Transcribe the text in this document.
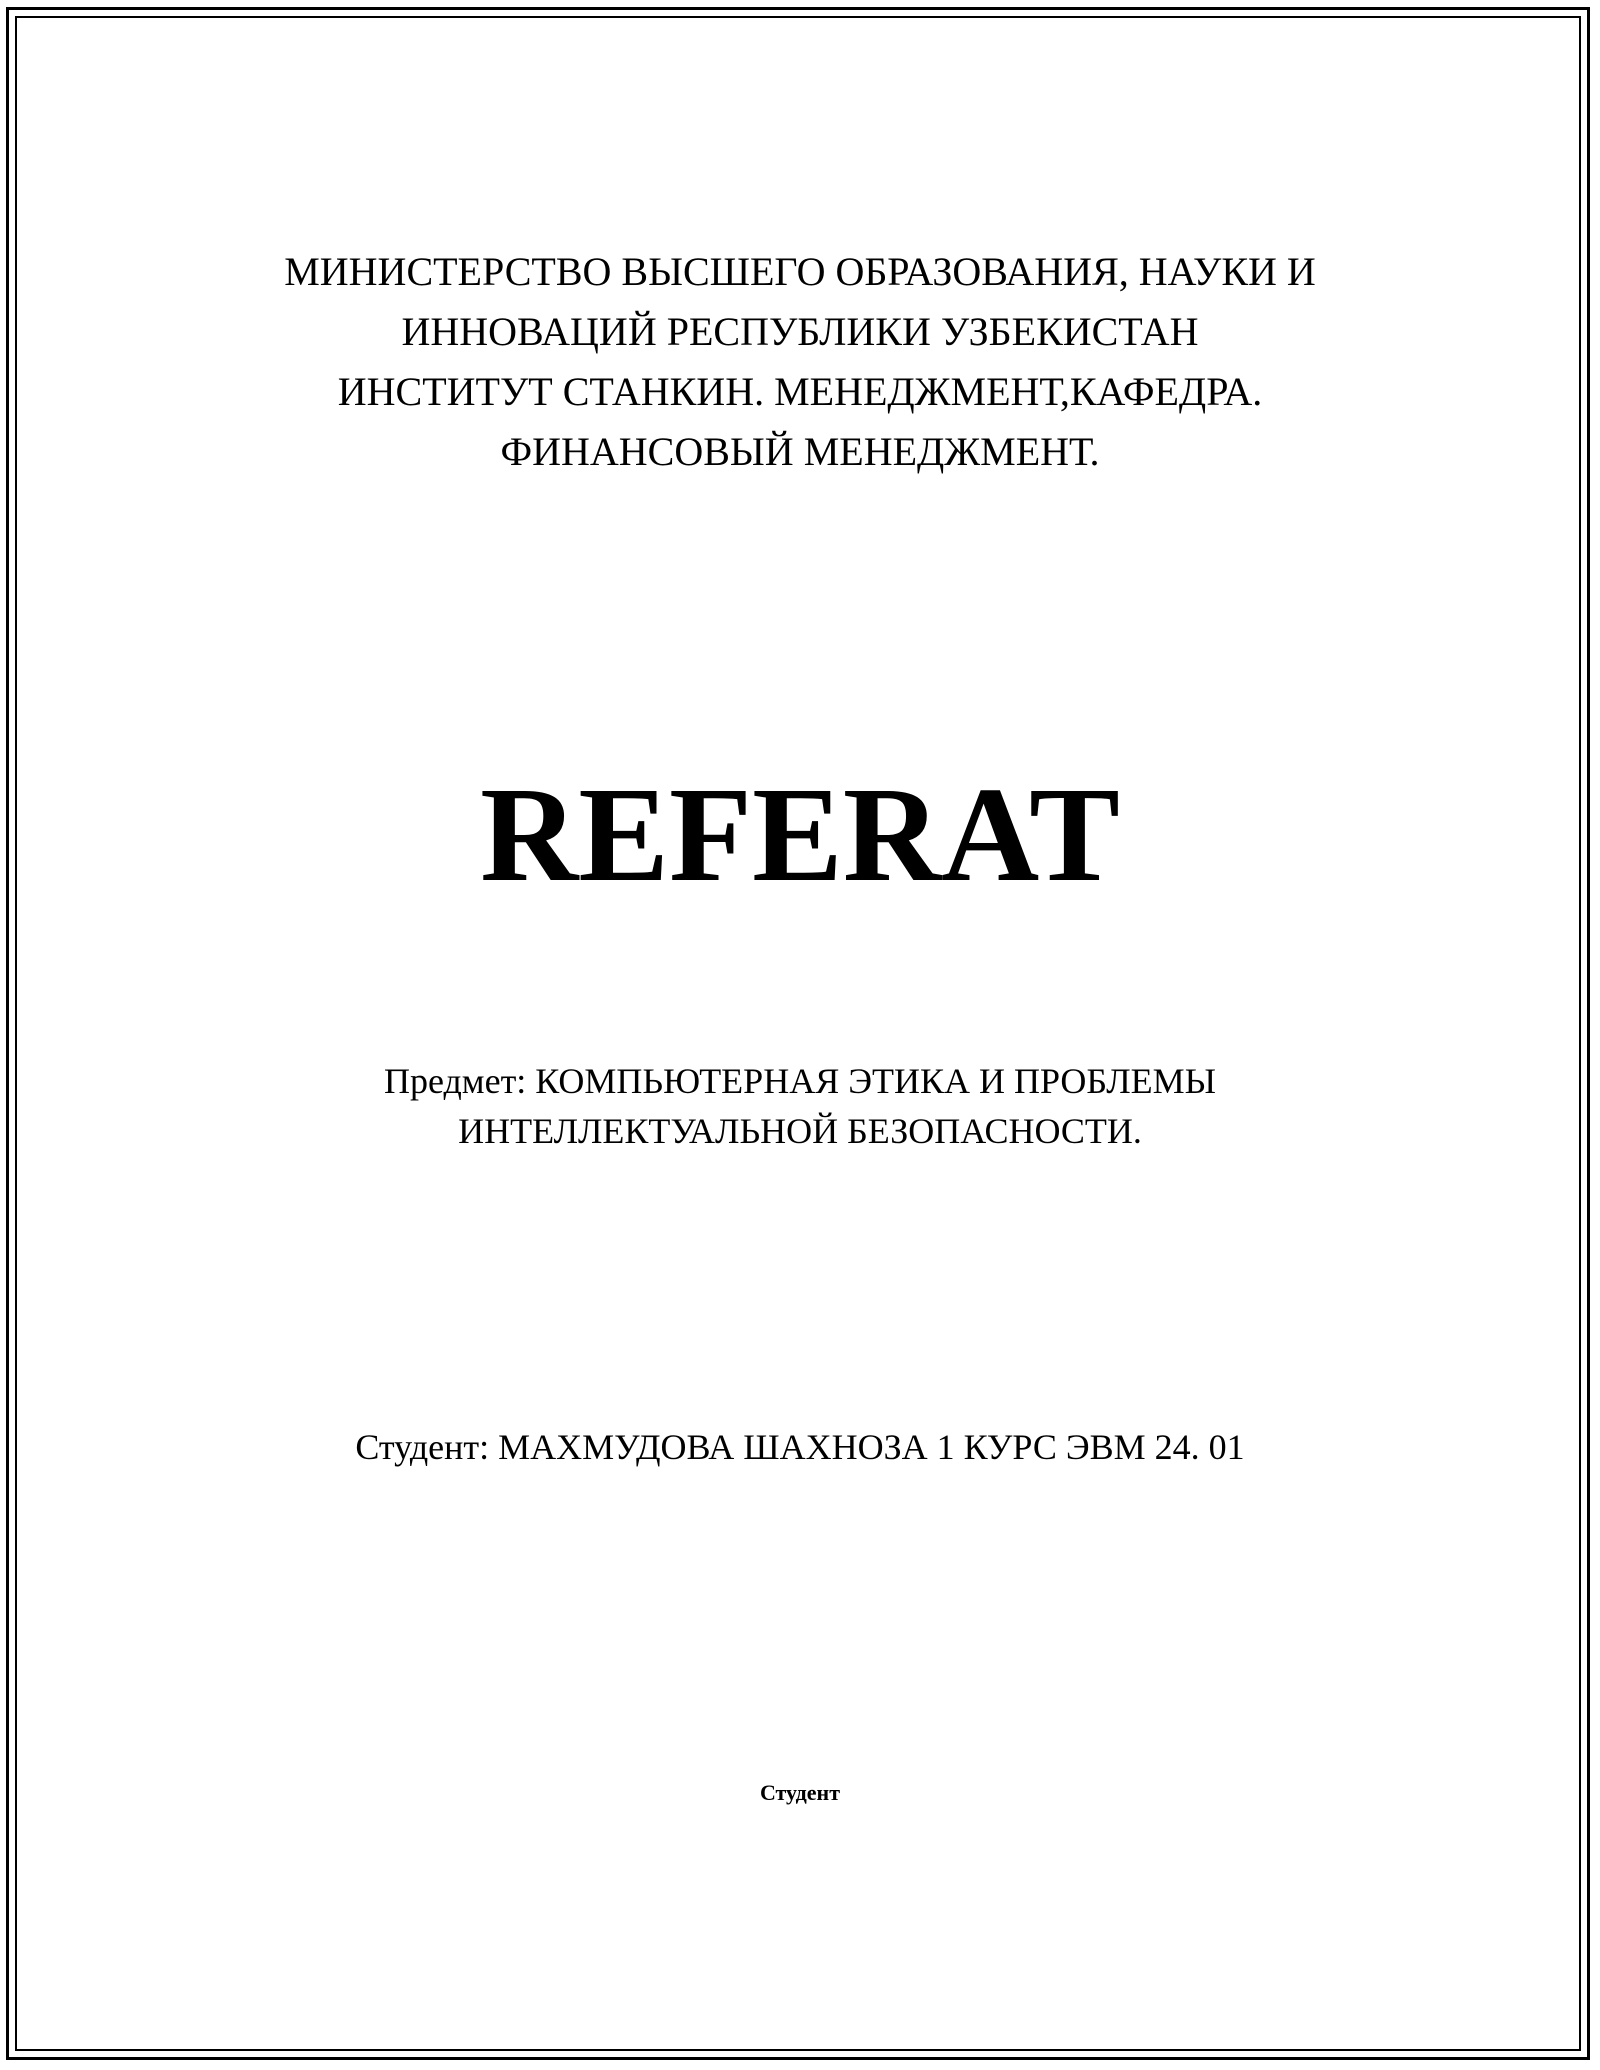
МИНИСТЕРСТВО ВЫСШЕГО ОБРАЗОВАНИЯ, НАУКИ И
ИННОВАЦИЙ РЕСПУБЛИКИ УЗБЕКИСТАН
ИНСТИТУТ СТАНКИН. МЕНЕДЖМЕНТ,КАФЕДРА.
ФИНАНСОВЫЙ МЕНЕДЖМЕНТ.
REFERAT
Предмет: КОМПЬЮТЕРНАЯ ЭТИКА И ПРОБЛЕМЫ
ИНТЕЛЛЕКТУАЛЬНОЙ БЕЗОПАСНОСТИ.
Студент: МАХМУДОВА ШАХНОЗА 1 КУРС ЭВМ 24. 01
Студент
